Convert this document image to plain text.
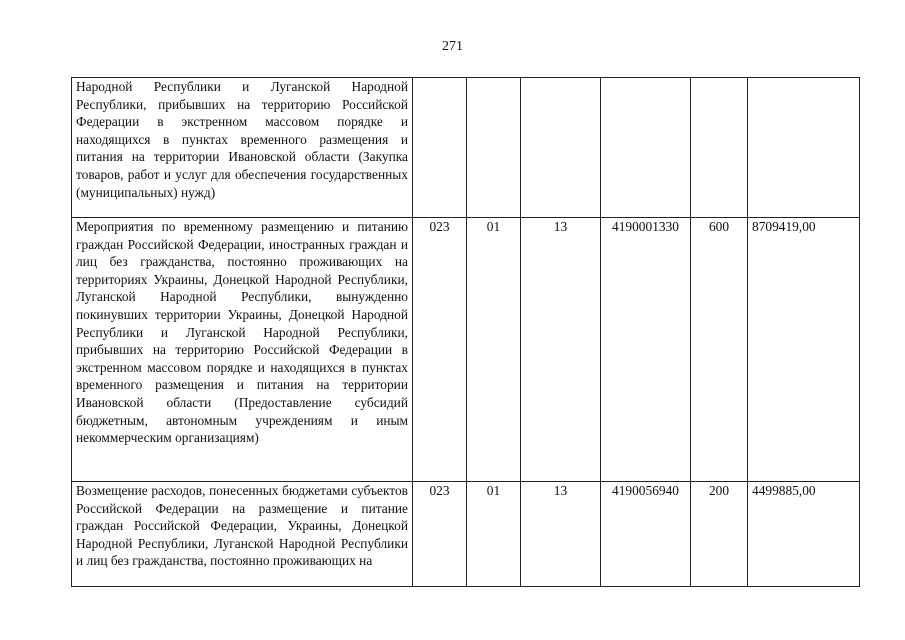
271
Народной Республики и Луганской Народной Республики, прибывших на территорию Российской Федерации в экстренном массовом порядке и находящихся в пунктах временного размещения и питания на территории Ивановской области (Закупка товаров, работ и услуг для обеспечения государственных (муниципальных) нужд)						
Мероприятия по временному размещению и питанию граждан Российской Федерации, иностранных граждан и лиц без гражданства, постоянно проживающих на территориях Украины, Донецкой Народной Республики, Луганской Народной Республики, вынужденно покинувших территории Украины, Донецкой Народной Республики и Луганской Народной Республики, прибывших на территорию Российской Федерации в экстренном массовом порядке и находящихся в пунктах временного размещения и питания на территории Ивановской области (Предоставление субсидий бюджетным, автономным учреждениям и иным некоммерческим организациям)	023	01	13	4190001330	600	8709419,00
Возмещение расходов, понесенных бюджетами субъектов Российской Федерации на размещение и питание граждан Российской Федерации, Украины, Донецкой Народной Республики, Луганской Народной Республики и лиц без гражданства, постоянно проживающих на	023	01	13	4190056940	200	4499885,00
